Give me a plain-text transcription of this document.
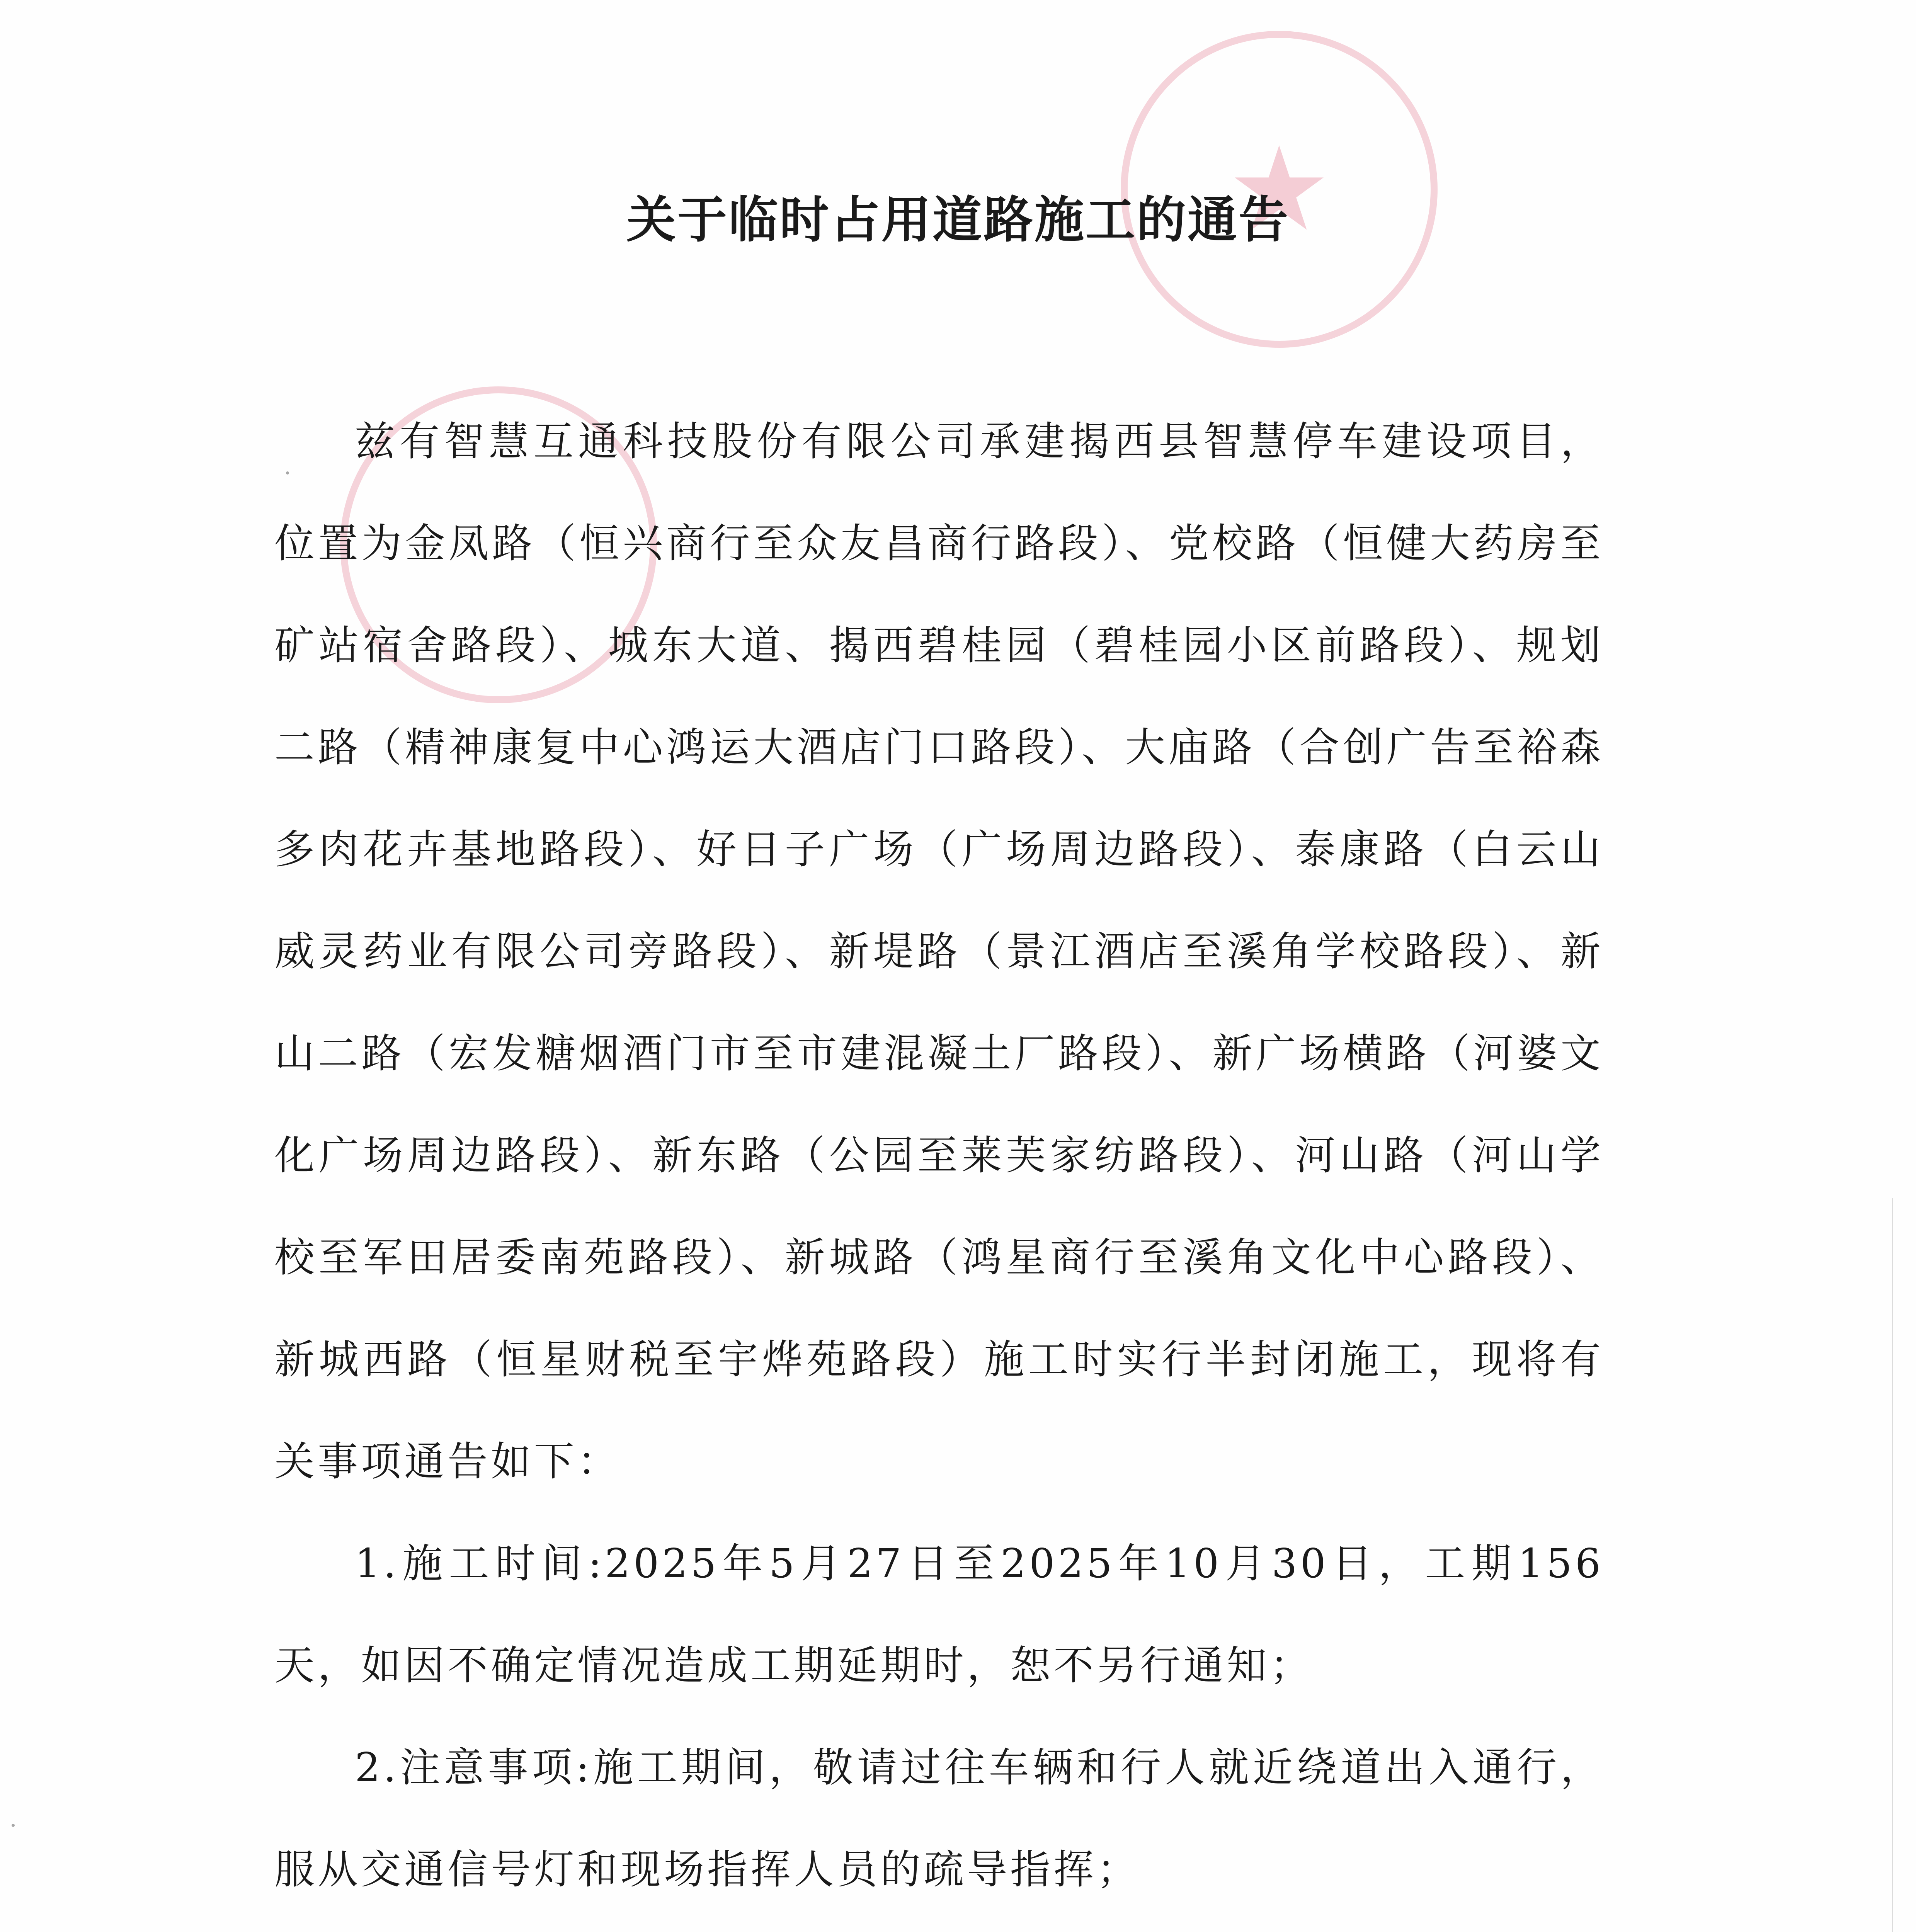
★
关于临时占用道路施工的通告

兹有智慧互通科技股份有限公司承建揭西县智慧停车建设项目，位置为金凤路（恒兴商行至众友昌商行路段）、党校路（恒健大药房至矿站宿舍路段）、城东大道、揭西碧桂园（碧桂园小区前路段）、规划二路（精神康复中心鸿运大酒店门口路段）、大庙路（合创广告至裕森多肉花卉基地路段）、好日子广场（广场周边路段）、泰康路（白云山威灵药业有限公司旁路段）、新堤路（景江酒店至溪角学校路段）、新山二路（宏发糖烟酒门市至市建混凝土厂路段）、新广场横路（河婆文化广场周边路段）、新东路（公园至莱芙家纺路段）、河山路（河山学校至军田居委南苑路段）、新城路（鸿星商行至溪角文化中心路段）、新城西路（恒星财税至宇烨苑路段）施工时实行半封闭施工，现将有关事项通告如下：

1.施工时间:2025年5月27日至2025年10月30日，工期156天，如因不确定情况造成工期延期时，恕不另行通知；

2.注意事项:施工期间，敬请过往车辆和行人就近绕道出入通行，服从交通信号灯和现场指挥人员的疏导指挥；
